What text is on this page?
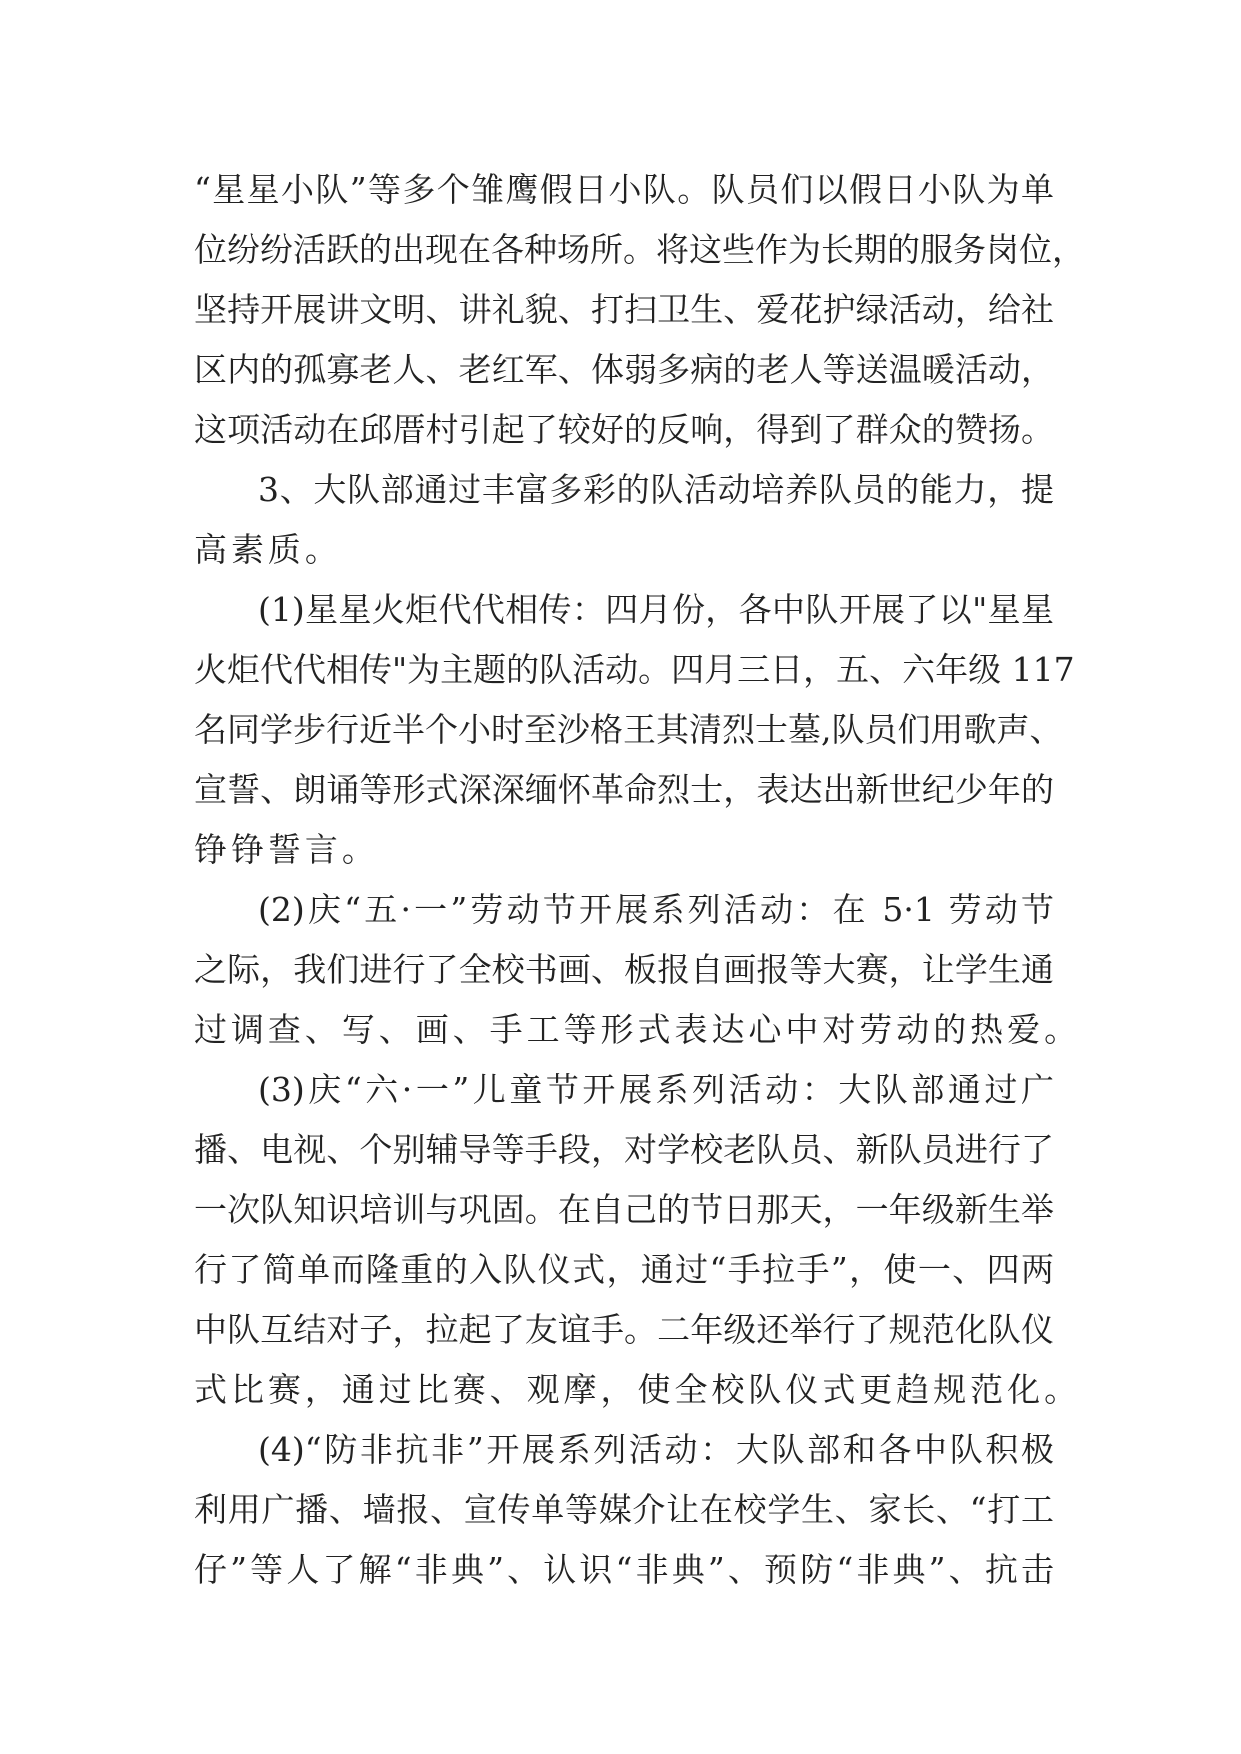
“星星小队”等多个雏鹰假日小队。队员们以假日小队为单
位纷纷活跃的出现在各种场所。将这些作为长期的服务岗位，
坚持开展讲文明、讲礼貌、打扫卫生、爱花护绿活动，给社
区内的孤寡老人、老红军、体弱多病的老人等送温暖活动，
这项活动在邱厝村引起了较好的反响，得到了群众的赞扬。
3、大队部通过丰富多彩的队活动培养队员的能力，提
高素质。
(1)星星火炬代代相传：四月份，各中队开展了以"星星
火炬代代相传"为主题的队活动。四月三日，五、六年级 117
名同学步行近半个小时至沙格王其清烈士墓,队员们用歌声、
宣誓、朗诵等形式深深缅怀革命烈士，表达出新世纪少年的
铮铮誓言。
(2)庆“五·一”劳动节开展系列活动：在 5·1 劳动节
之际，我们进行了全校书画、板报自画报等大赛，让学生通
过调查、写、画、手工等形式表达心中对劳动的热爱。
(3)庆“六·一”儿童节开展系列活动：大队部通过广
播、电视、个别辅导等手段，对学校老队员、新队员进行了
一次队知识培训与巩固。在自己的节日那天，一年级新生举
行了简单而隆重的入队仪式，通过“手拉手”，使一、四两
中队互结对子，拉起了友谊手。二年级还举行了规范化队仪
式比赛，通过比赛、观摩，使全校队仪式更趋规范化。
(4)“防非抗非”开展系列活动：大队部和各中队积极
利用广播、墙报、宣传单等媒介让在校学生、家长、“打工
仔”等人了解“非典”、认识“非典”、预防“非典”、抗击
